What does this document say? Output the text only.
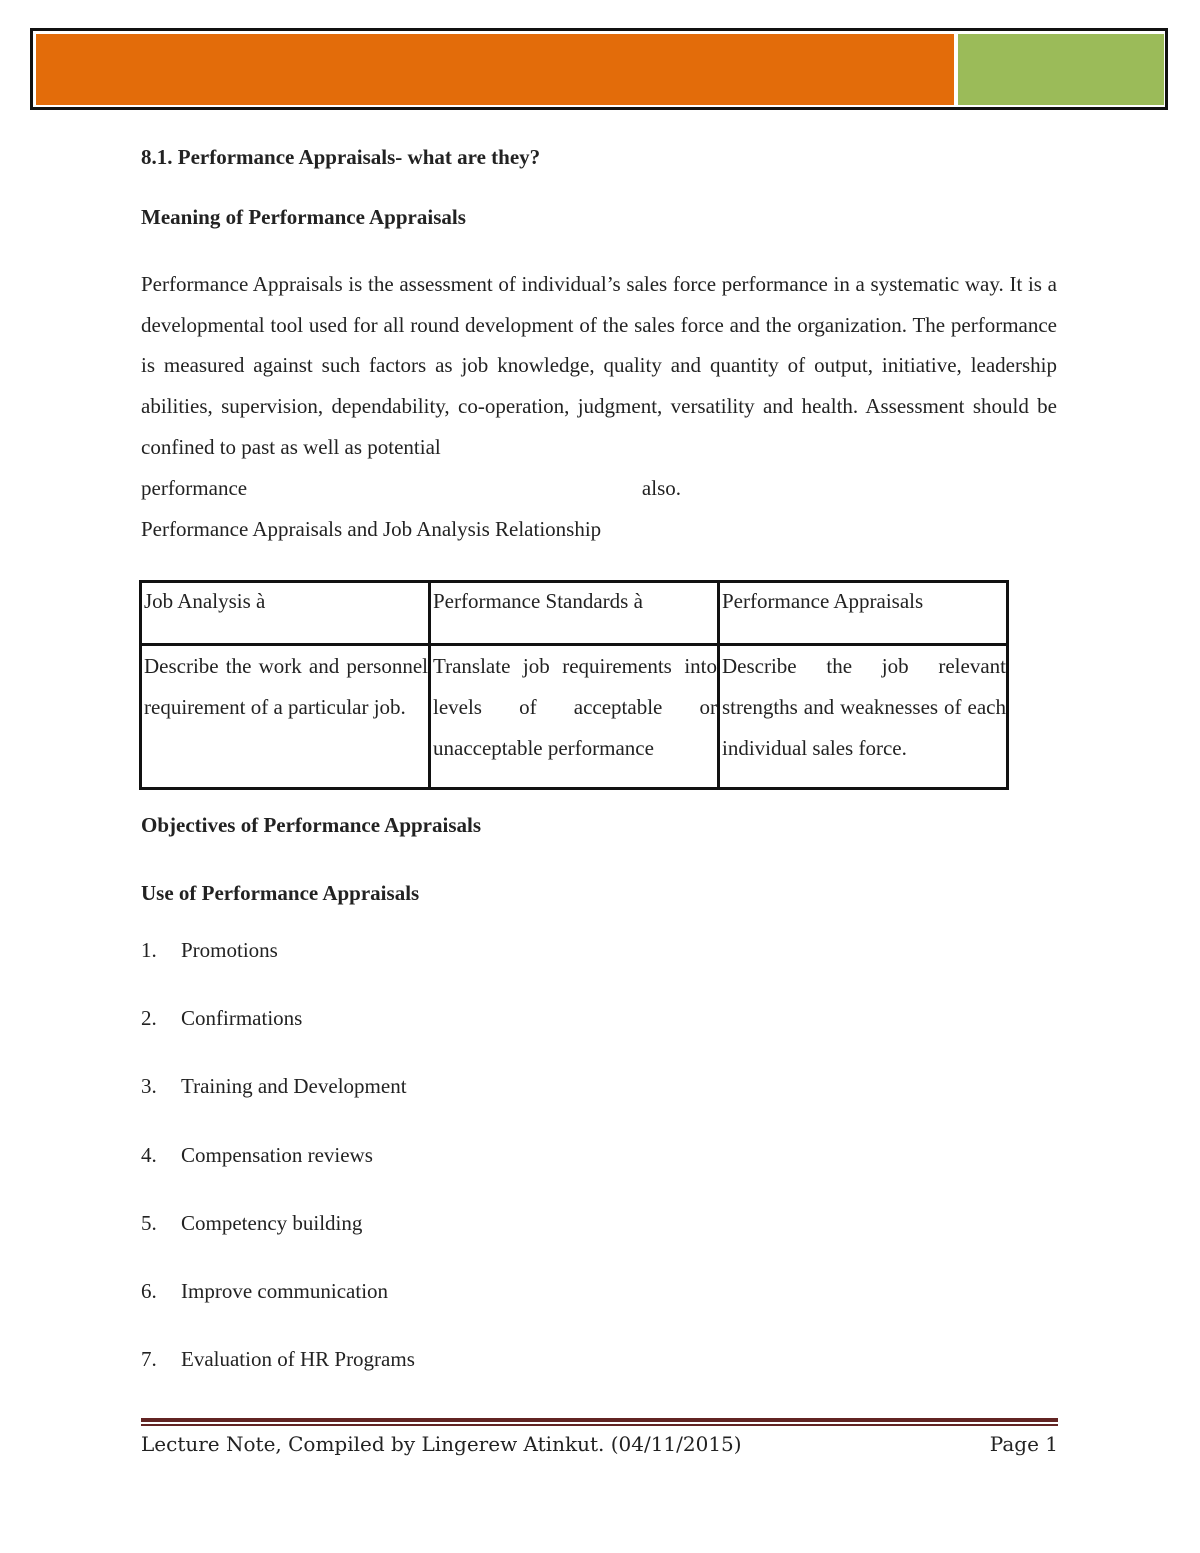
8.1. Performance Appraisals- what are they?
Meaning of Performance Appraisals

Performance Appraisals is the assessment of individual’s sales force performance in a systematic way. It is a developmental tool used for all round development of the sales force and the organization. The performance is measured against such factors as job knowledge, quality and quantity of output, initiative, leadership abilities, supervision, dependability, co-operation, judgment, versatility and health. Assessment should be confined to past as well as potential
performance	also.

Performance Appraisals and Job Analysis Relationship
Job Analysis à	Performance Standards à	Performance Appraisals
Describe the work and personnel requirement of a particular job.	Translate job requirements into levels of acceptable or unacceptable performance	Describe the job relevant strengths and weaknesses of each individual sales force.
Objectives of Performance Appraisals
Use of Performance Appraisals
1.	Promotions
2.	Confirmations
3.	Training and Development
4.	Compensation reviews
5.	Competency building
6.	Improve communication
7.	Evaluation of HR Programs
Lecture Note, Compiled by Lingerew Atinkut. (04/11/2015)	Page 1
